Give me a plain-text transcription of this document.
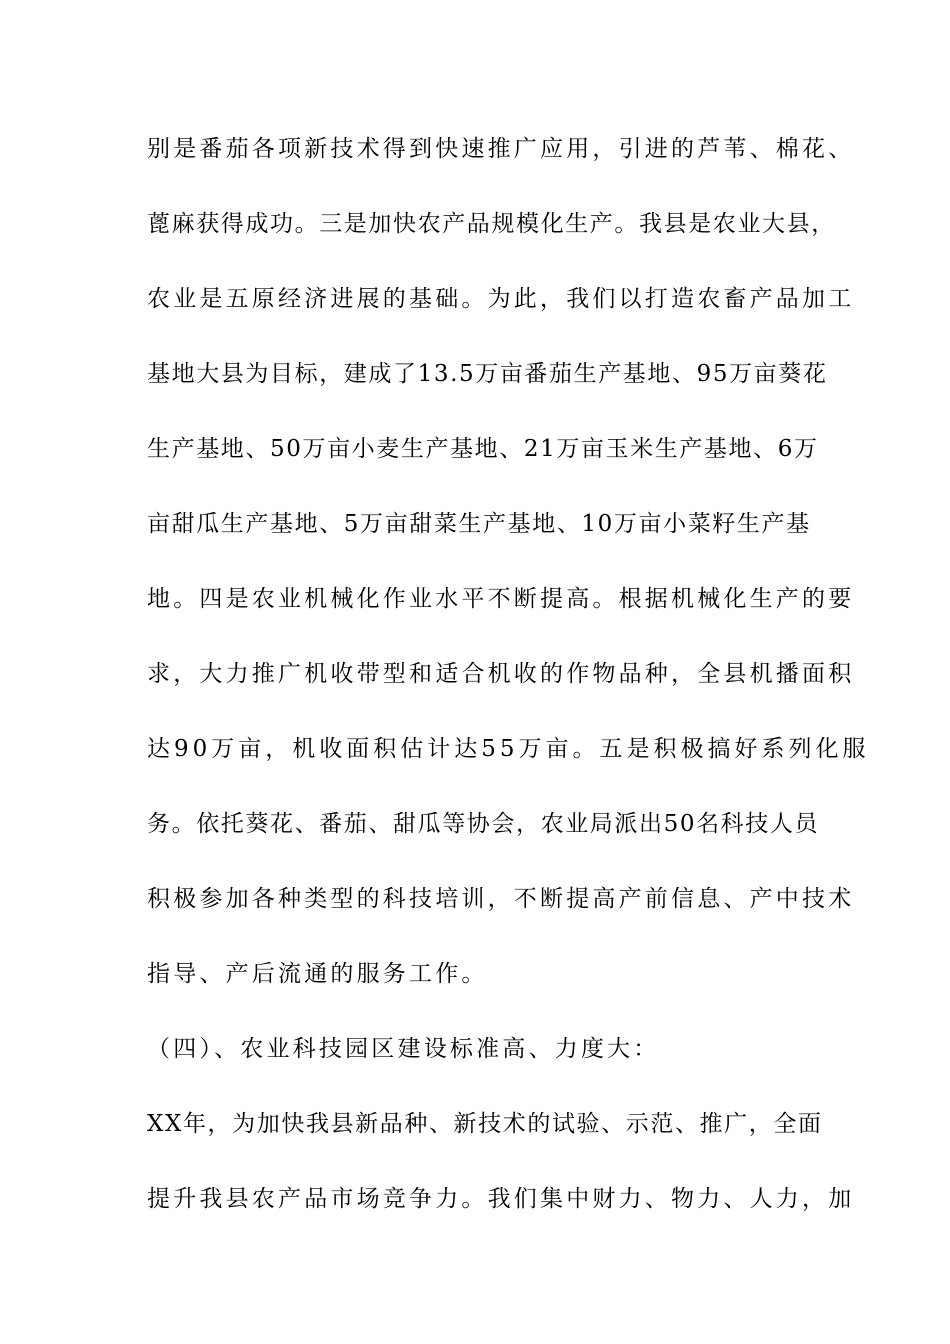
别是番茄各项新技术得到快速推广应用，引进的芦苇、棉花、
蓖麻获得成功。三是加快农产品规模化生产。我县是农业大县，
农业是五原经济进展的基础。为此，我们以打造农畜产品加工
基地大县为目标，建成了13.5万亩番茄生产基地、95万亩葵花
生产基地、50万亩小麦生产基地、21万亩玉米生产基地、6万
亩甜瓜生产基地、5万亩甜菜生产基地、10万亩小菜籽生产基
地。四是农业机械化作业水平不断提高。根据机械化生产的要
求，大力推广机收带型和适合机收的作物品种，全县机播面积
达90万亩，机收面积估计达55万亩。五是积极搞好系列化服
务。依托葵花、番茄、甜瓜等协会，农业局派出50名科技人员
积极参加各种类型的科技培训，不断提高产前信息、产中技术
指导、产后流通的服务工作。
（四）、农业科技园区建设标准高、力度大：
XX年，为加快我县新品种、新技术的试验、示范、推广，全面
提升我县农产品市场竞争力。我们集中财力、物力、人力，加
